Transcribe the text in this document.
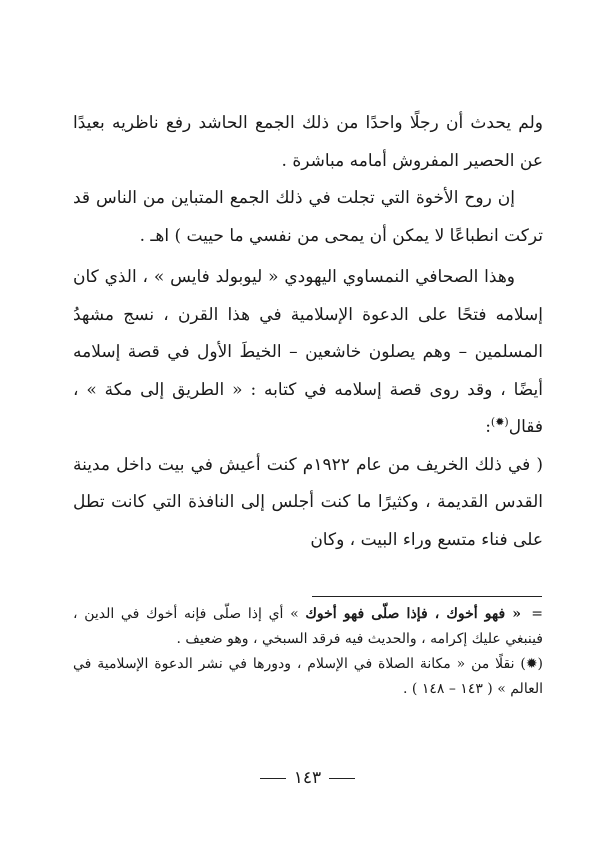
ولم يحدث أن رجلًا واحدًا من ذلك الجمع الحاشد رفع ناظريه بعيدًا عن الحصير المفروش أمامه مباشرة .

إن روح الأخوة التي تجلت في ذلك الجمع المتباين من الناس قد تركت انطباعًا لا يمكن أن يمحى من نفسي ما حييت ) اهـ .

وهذا الصحافي النمساوي اليهودي « ليوبولد فايس » ، الذي كان إسلامه فتحًا على الدعوة الإسلامية في هذا القرن ، نسج مشهدُ المسلمين – وهم يصلون خاشعين – الخيطَ الأول في قصة إسلامه أيضًا ، وقد روى قصة إسلامه في كتابه : « الطريق إلى مكة » ، فقال(✹):

( في ذلك الخريف من عام ١٩٢٢م كنت أعيش في بيت داخل مدينة القدس القديمة ، وكثيرًا ما كنت أجلس إلى النافذة التي كانت تطل على فناء متسع وراء البيت ، وكان

=« فهو أخوك ، فإذا صلّى فهو أخوك » أي إذا صلّى فإنه أخوك في الدين ، فينبغي عليك إكرامه ، والحديث فيه فرقد السبخي ، وهو ضعيف .

(✹) نقلًا من « مكانة الصلاة في الإسلام ، ودورها في نشر الدعوة الإسلامية في العالم » ( ١٤٣ – ١٤٨ ) .

١٤٣
